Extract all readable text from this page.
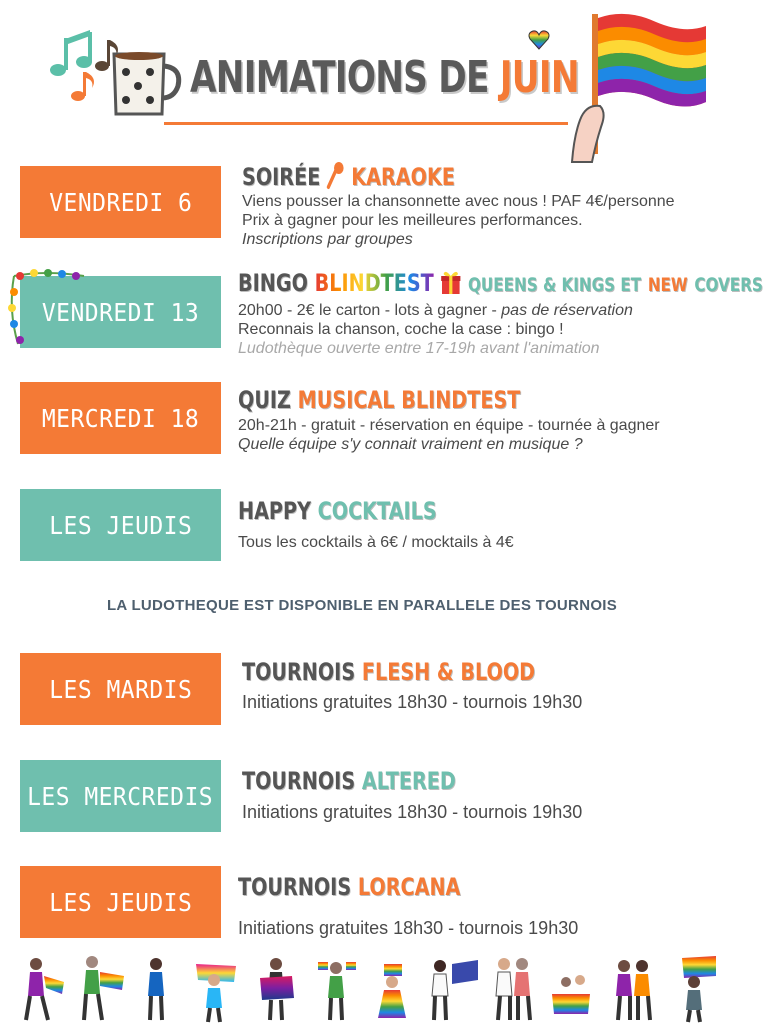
ANIMATIONS DE JUIN
VENDREDI 6
SOIRÉE KARAOKE
Viens pousser la chansonnette avec nous ! PAF 4€/personne
Prix à gagner pour les meilleures performances.
Inscriptions par groupes
VENDREDI 13
BINGO BLINDTEST QUEENS & KINGS ET NEW COVERS
20h00 - 2€ le carton - lots à gagner - pas de réservation
Reconnais la chanson, coche la case : bingo !
Ludothèque ouverte entre 17-19h avant l'animation
MERCREDI 18
QUIZ MUSICAL BLINDTEST
20h-21h - gratuit - réservation en équipe - tournée à gagner
Quelle équipe s'y connait vraiment en musique ?
LES JEUDIS HAPPY COCKTAILS
Tous les cocktails à 6€ / mocktails à 4€
LA LUDOTHEQUE EST DISPONIBLE EN PARALLELE DES TOURNOIS
LES MARDIS
TOURNOIS FLESH & BLOOD
Initiations gratuites 18h30 - tournois 19h30
LES MERCREDIS
TOURNOIS ALTERED
Initiations gratuites 18h30 - tournois 19h30
LES JEUDIS
TOURNOIS LORCANA
Initiations gratuites 18h30 - tournois 19h30
